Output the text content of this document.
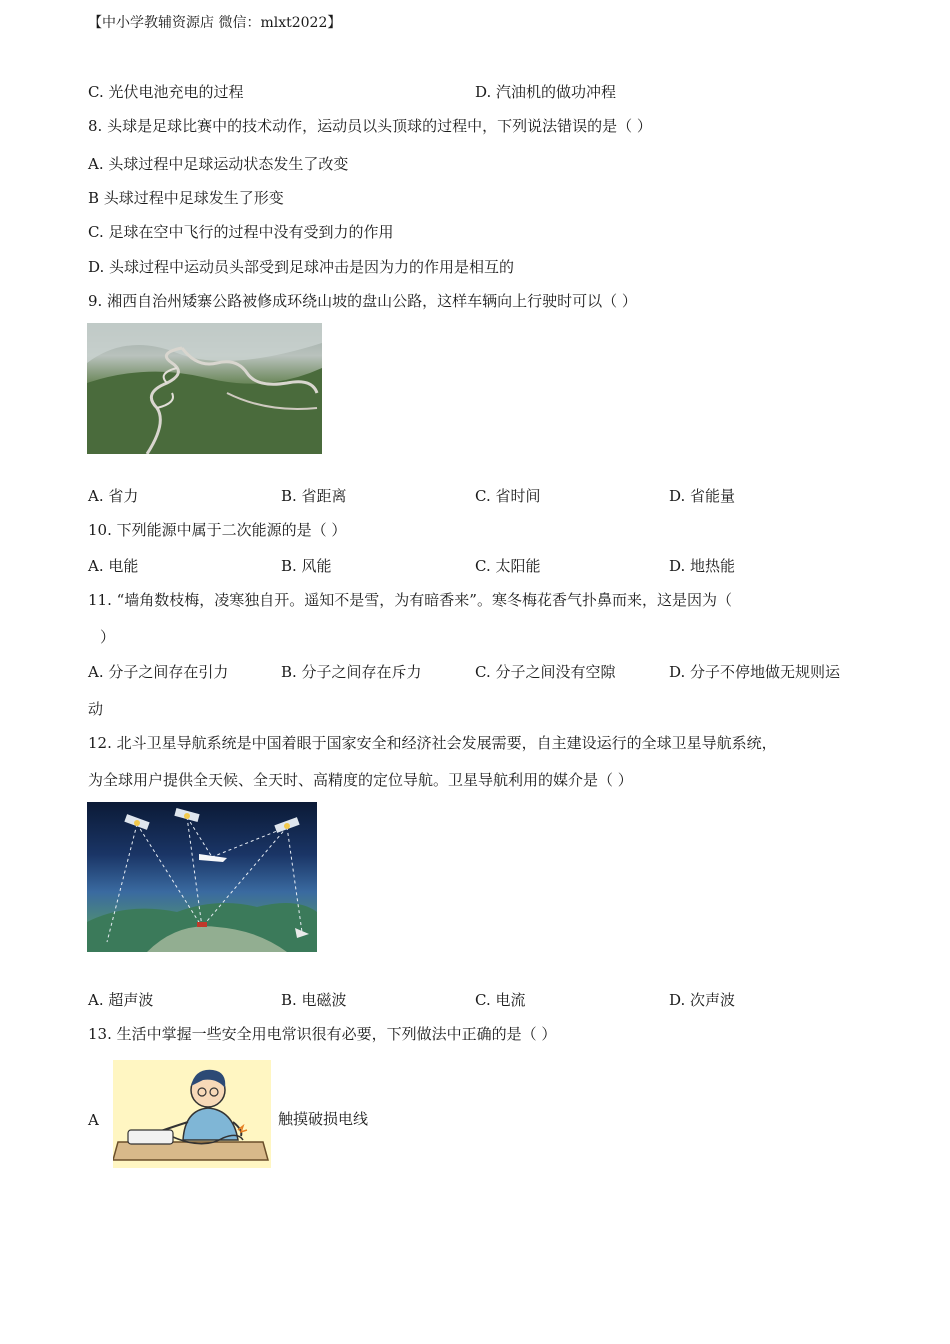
【中小学教辅资源店 微信：mlxt2022】
C. 光伏电池充电的过程	D. 汽油机的做功冲程
8. 头球是足球比赛中的技术动作，运动员以头顶球的过程中，下列说法错误的是（ ）
A. 头球过程中足球运动状态发生了改变
B 头球过程中足球发生了形变
C. 足球在空中飞行的过程中没有受到力的作用
D. 头球过程中运动员头部受到足球冲击是因为力的作用是相互的
9. 湘西自治州矮寨公路被修成环绕山坡的盘山公路，这样车辆向上行驶时可以（ ）
A. 省力	B. 省距离	C. 省时间	D. 省能量
10. 下列能源中属于二次能源的是（ ）
A. 电能	B. 风能	C. 太阳能	D. 地热能
11. “墙角数枝梅，凌寒独自开。遥知不是雪，为有暗香来”。寒冬梅花香气扑鼻而来，这是因为（
）
A. 分子之间存在引力	B. 分子之间存在斥力	C. 分子之间没有空隙	D. 分子不停地做无规则运
动
12. 北斗卫星导航系统是中国着眼于国家安全和经济社会发展需要，自主建设运行的全球卫星导航系统，
为全球用户提供全天候、全天时、高精度的定位导航。卫星导航利用的媒介是（ ）
A. 超声波	B. 电磁波	C. 电流	D. 次声波
13. 生活中掌握一些安全用电常识很有必要，下列做法中正确的是（ ）
A	触摸破损电线
